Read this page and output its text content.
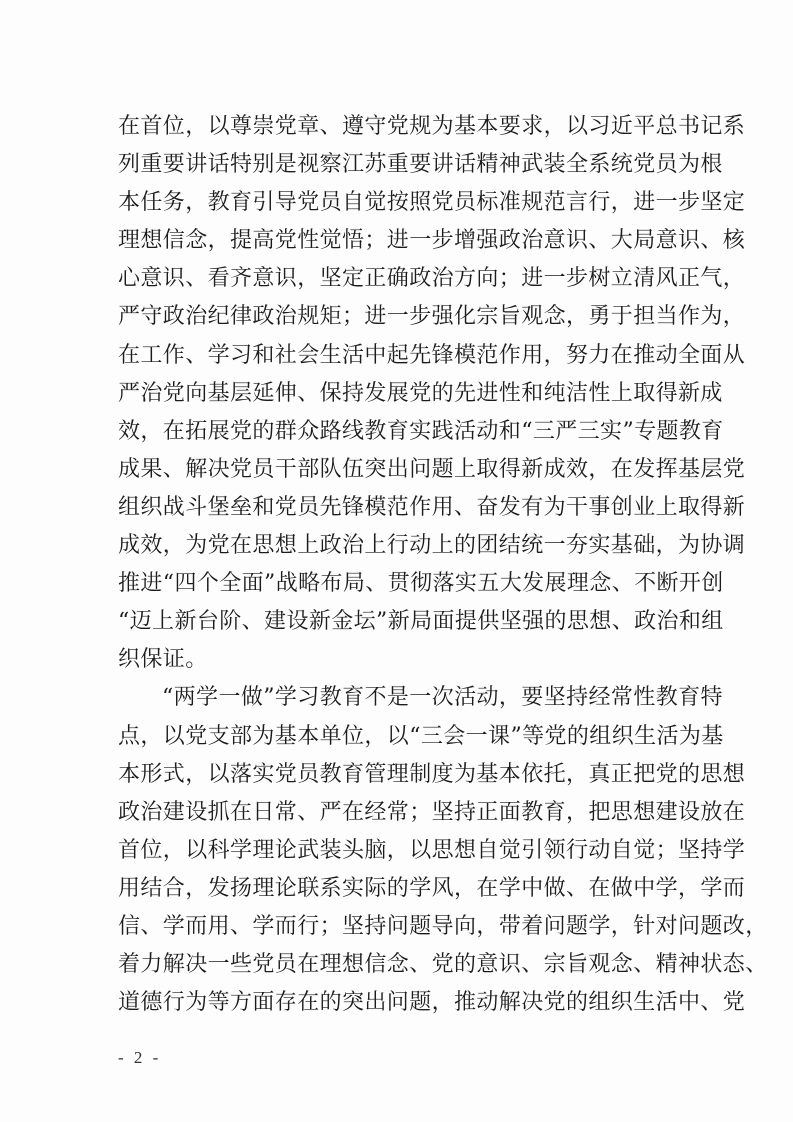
在首位，以尊崇党章、遵守党规为基本要求，以习近平总书记系
列重要讲话特别是视察江苏重要讲话精神武装全系统党员为根
本任务，教育引导党员自觉按照党员标准规范言行，进一步坚定
理想信念，提高党性觉悟；进一步增强政治意识、大局意识、核
心意识、看齐意识，坚定正确政治方向；进一步树立清风正气，
严守政治纪律政治规矩；进一步强化宗旨观念，勇于担当作为，
在工作、学习和社会生活中起先锋模范作用，努力在推动全面从
严治党向基层延伸、保持发展党的先进性和纯洁性上取得新成
效，在拓展党的群众路线教育实践活动和“三严三实”专题教育
成果、解决党员干部队伍突出问题上取得新成效，在发挥基层党
组织战斗堡垒和党员先锋模范作用、奋发有为干事创业上取得新
成效，为党在思想上政治上行动上的团结统一夯实基础，为协调
推进“四个全面”战略布局、贯彻落实五大发展理念、不断开创
“迈上新台阶、建设新金坛”新局面提供坚强的思想、政治和组
织保证。
“两学一做”学习教育不是一次活动，要坚持经常性教育特
点，以党支部为基本单位，以“三会一课”等党的组织生活为基
本形式，以落实党员教育管理制度为基本依托，真正把党的思想
政治建设抓在日常、严在经常；坚持正面教育，把思想建设放在
首位，以科学理论武装头脑，以思想自觉引领行动自觉；坚持学
用结合，发扬理论联系实际的学风，在学中做、在做中学，学而
信、学而用、学而行；坚持问题导向，带着问题学，针对问题改，
着力解决一些党员在理想信念、党的意识、宗旨观念、精神状态、
道德行为等方面存在的突出问题，推动解决党的组织生活中、党
- 2 -
